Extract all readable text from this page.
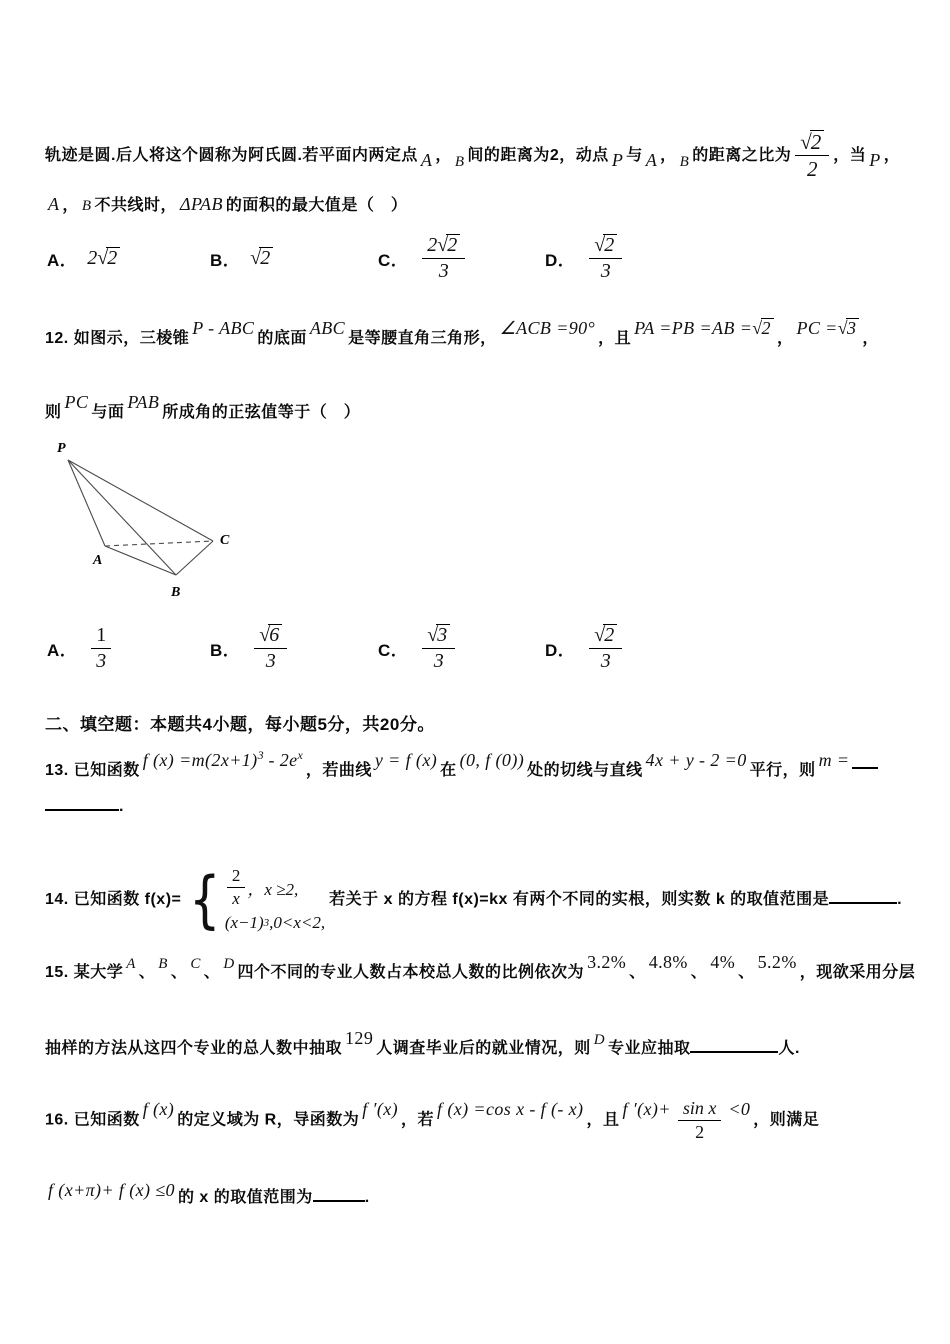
轨迹是圆.后人将这个圆称为阿氏圆.若平面内两定点 A ， B 间的距离为2，动点 P 与 A ， B 的距离之比为 $\frac{√2}{2}$ ，当 P ，
A ， B 不共线时， ΔPAB 的面积的最大值是（　）
A． 2√2	B． √2	C． $\frac{2√2}{3}$	D． $\frac{√2}{3}$
12. 如图示，三棱锥P - ABC的底面ABC是等腰直角三角形，∠ACB =90°，且PA =PB =AB =√2，PC =√3，
则PC与面PAB所成角的正弦值等于（　）
P
A
B
C
A． $\frac{1}{3}$	B． $\frac{√6}{3}$	C． $\frac{√3}{3}$	D． $\frac{√2}{3}$
二、填空题：本题共4小题，每小题5分，共20分。
13. 已知函数f $(x) =m(2x+1)^3 - 2e^x$，若曲线y = f (x)在(0, f (0))处的切线与直线4x + y - 2 =0平行，则m =
.
14. 已知函数 f(x)= { $\frac{2}{x}$ ，x ≥2,
(x−1) 3 ,0<x<2,
若关于 x 的方程 f(x)=kx 有两个不同的实根，则实数 k 的取值范围是	.
15. 某大学 A 、 B 、 C 、 D 四个不同的专业人数占本校总人数的比例依次为3.2%、4.8%、4%、5.2%，现欲采用分层
抽样的方法从这四个专业的总人数中抽取129人调查毕业后的就业情况，则 D 专业应抽取	人.
16. 已知函数f (x)的定义域为 R，导函数为f ′(x)，若f (x) =cos x - f (- x)，且f $'(x)+ \frac{\text{sin x}}{2} <0$，则满足
f (x+π)+ f (x) ≤0 的 x 的取值范围为	.
